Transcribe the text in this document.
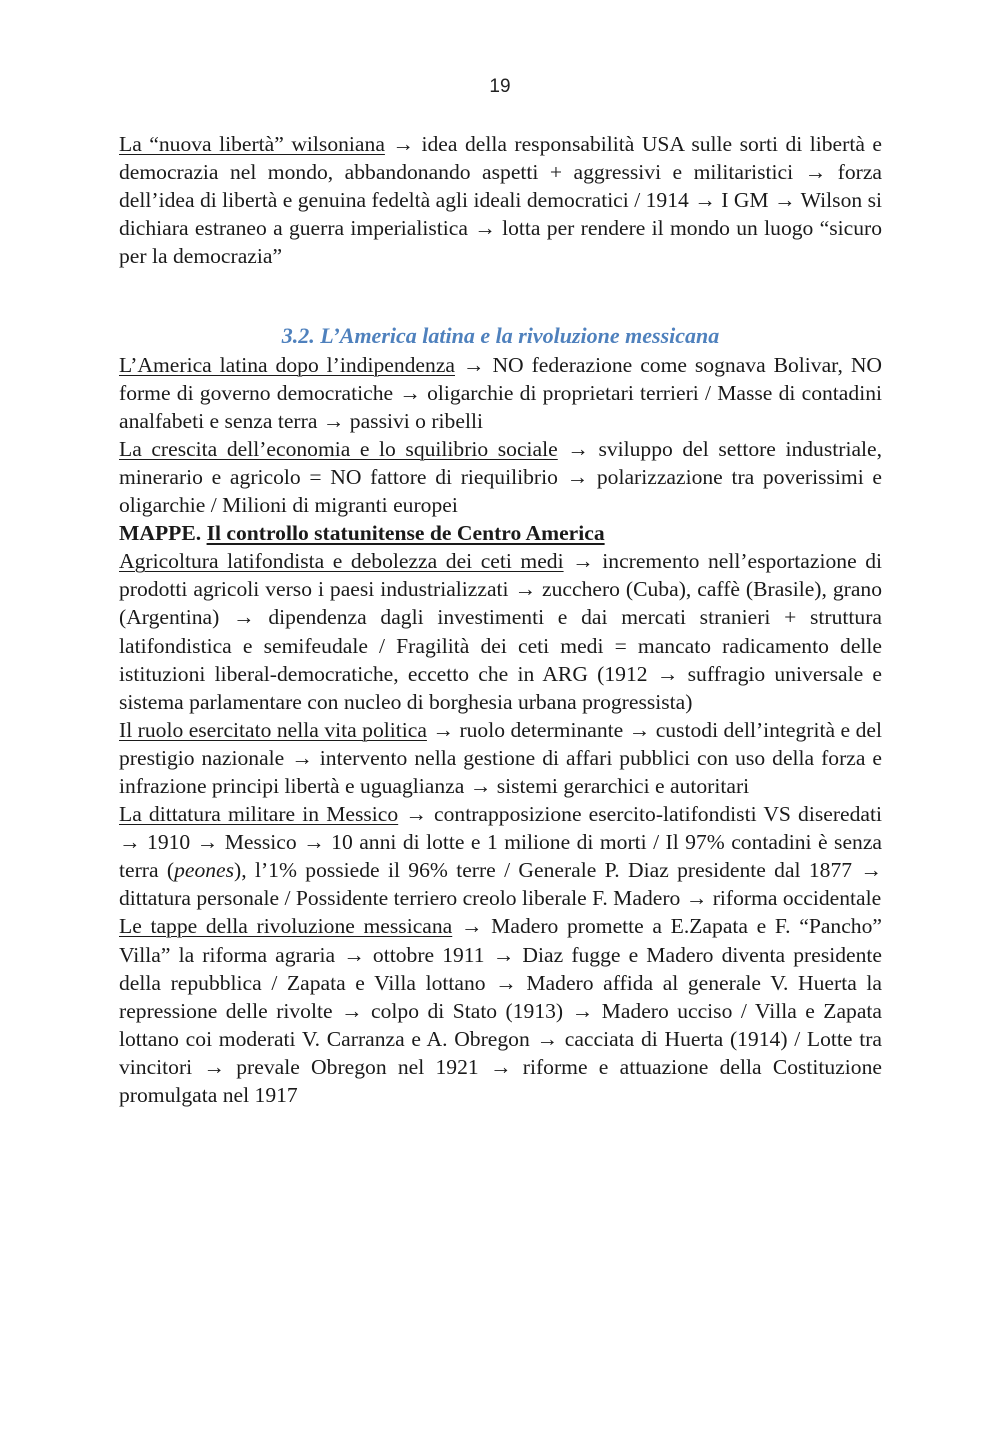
19

La “nuova libertà” wilsoniana → idea della responsabilità USA sulle sorti di libertà e democrazia nel mondo, abbandonando aspetti + aggressivi e militaristici → forza dell’idea di libertà e genuina fedeltà agli ideali democratici / 1914 → I GM → Wilson si dichiara estraneo a guerra imperialistica → lotta per rendere il mondo un luogo “sicuro per la democrazia”

3.2. L’America latina e la rivoluzione messicana

L’America latina dopo l’indipendenza → NO federazione come sognava Bolivar, NO forme di governo democratiche → oligarchie di proprietari terrieri / Masse di contadini analfabeti e senza terra → passivi o ribelli

La crescita dell’economia e lo squilibrio sociale → sviluppo del settore industriale, minerario e agricolo = NO fattore di riequilibrio → polarizzazione tra poverissimi e oligarchie / Milioni di migranti europei

MAPPE. Il controllo statunitense de Centro America

Agricoltura latifondista e debolezza dei ceti medi → incremento nell’esportazione di prodotti agricoli verso i paesi industrializzati → zucchero (Cuba), caffè (Brasile), grano (Argentina) → dipendenza dagli investimenti e dai mercati stranieri + struttura latifondistica e semifeudale / Fragilità dei ceti medi = mancato radicamento delle istituzioni liberal-democratiche, eccetto che in ARG (1912 → suffragio universale e sistema parlamentare con nucleo di borghesia urbana progressista)

Il ruolo esercitato nella vita politica → ruolo determinante → custodi dell’integrità e del prestigio nazionale → intervento nella gestione di affari pubblici con uso della forza e infrazione principi libertà e uguaglianza → sistemi gerarchici e autoritari

La dittatura militare in Messico → contrapposizione esercito-latifondisti VS diseredati → 1910 → Messico → 10 anni di lotte e 1 milione di morti / Il 97% contadini è senza terra (peones), l’1% possiede il 96% terre / Generale P. Diaz presidente dal 1877 → dittatura personale / Possidente terriero creolo liberale F. Madero → riforma occidentale

Le tappe della rivoluzione messicana → Madero promette a E.Zapata e F. “Pancho” Villa” la riforma agraria → ottobre 1911 → Diaz fugge e Madero diventa presidente della repubblica / Zapata e Villa lottano → Madero affida al generale V. Huerta la repressione delle rivolte → colpo di Stato (1913) → Madero ucciso / Villa e Zapata lottano coi moderati V. Carranza e A. Obregon → cacciata di Huerta (1914) / Lotte tra vincitori → prevale Obregon nel 1921 → riforme e attuazione della Costituzione promulgata nel 1917
